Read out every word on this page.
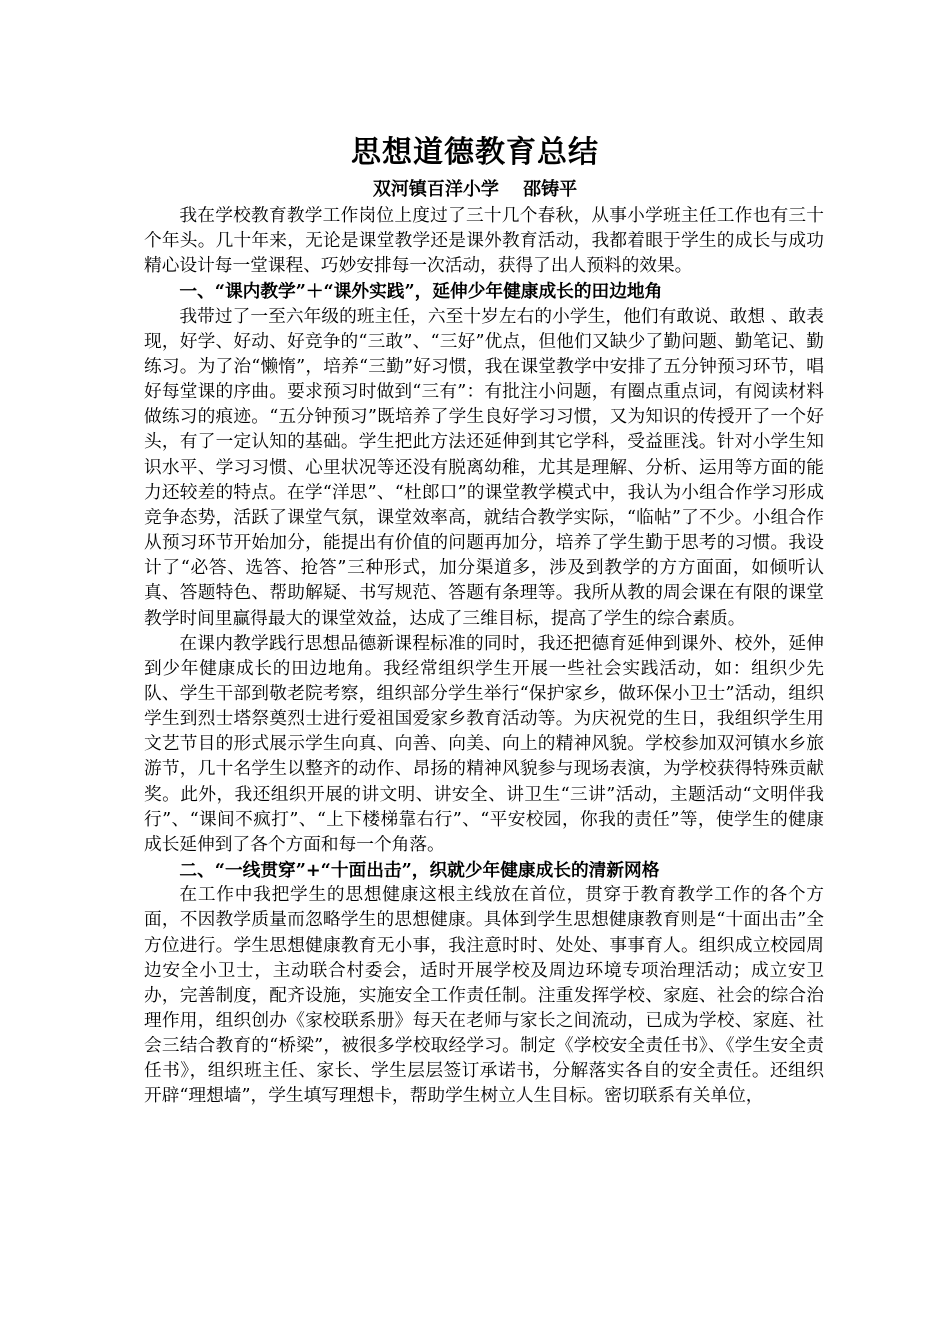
思想道德教育总结
双河镇百洋小学　 邵铸平

我在学校教育教学工作岗位上度过了三十几个春秋，从事小学班主任工作也有三十个年头。几十年来，无论是课堂教学还是课外教育活动，我都着眼于学生的成长与成功精心设计每一堂课程、巧妙安排每一次活动，获得了出人预料的效果。

一、“课内教学”＋“课外实践”，延伸少年健康成长的田边地角

我带过了一至六年级的班主任，六至十岁左右的小学生，他们有敢说、敢想 、敢表现，好学、好动、好竞争的“三敢”、“三好”优点，但他们又缺少了勤问题、勤笔记、勤练习。为了治“懒惰”，培养“三勤”好习惯，我在课堂教学中安排了五分钟预习环节，唱好每堂课的序曲。要求预习时做到“三有”：有批注小问题，有圈点重点词，有阅读材料做练习的痕迹。“五分钟预习”既培养了学生良好学习习惯，又为知识的传授开了一个好头，有了一定认知的基础。学生把此方法还延伸到其它学科，受益匪浅。针对小学生知识水平、学习习惯、心里状况等还没有脱离幼稚，尤其是理解、分析、运用等方面的能力还较差的特点。在学“洋思”、“杜郎口”的课堂教学模式中，我认为小组合作学习形成竞争态势，活跃了课堂气氛，课堂效率高，就结合教学实际，“临帖”了不少。小组合作从预习环节开始加分，能提出有价值的问题再加分，培养了学生勤于思考的习惯。我设计了“必答、选答、抢答”三种形式，加分渠道多，涉及到教学的方方面面，如倾听认真、答题特色、帮助解疑、书写规范、答题有条理等。我所从教的周会课在有限的课堂教学时间里赢得最大的课堂效益，达成了三维目标，提高了学生的综合素质。

在课内教学践行思想品德新课程标准的同时，我还把德育延伸到课外、校外，延伸到少年健康成长的田边地角。我经常组织学生开展一些社会实践活动，如：组织少先队、学生干部到敬老院考察，组织部分学生举行“保护家乡，做环保小卫士”活动，组织学生到烈士塔祭奠烈士进行爱祖国爱家乡教育活动等。为庆祝党的生日，我组织学生用文艺节目的形式展示学生向真、向善、向美、向上的精神风貌。学校参加双河镇水乡旅游节，几十名学生以整齐的动作、昂扬的精神风貌参与现场表演，为学校获得特殊贡献奖。此外，我还组织开展的讲文明、讲安全、讲卫生“三讲”活动，主题活动“文明伴我行”、“课间不疯打”、“上下楼梯靠右行”、“平安校园，你我的责任”等，使学生的健康成长延伸到了各个方面和每一个角落。

二、“一线贯穿”+“十面出击”，织就少年健康成长的清新网格

在工作中我把学生的思想健康这根主线放在首位，贯穿于教育教学工作的各个方面，不因教学质量而忽略学生的思想健康。具体到学生思想健康教育则是“十面出击”全方位进行。学生思想健康教育无小事，我注意时时、处处、事事育人。组织成立校园周边安全小卫士，主动联合村委会，适时开展学校及周边环境专项治理活动；成立安卫办，完善制度，配齐设施，实施安全工作责任制。注重发挥学校、家庭、社会的综合治理作用，组织创办《家校联系册》每天在老师与家长之间流动，已成为学校、家庭、社会三结合教育的“桥梁”，被很多学校取经学习。制定《学校安全责任书》、《学生安全责任书》，组织班主任、家长、学生层层签订承诺书，分解落实各自的安全责任。还组织开辟“理想墙”，学生填写理想卡，帮助学生树立人生目标。密切联系有关单位，
